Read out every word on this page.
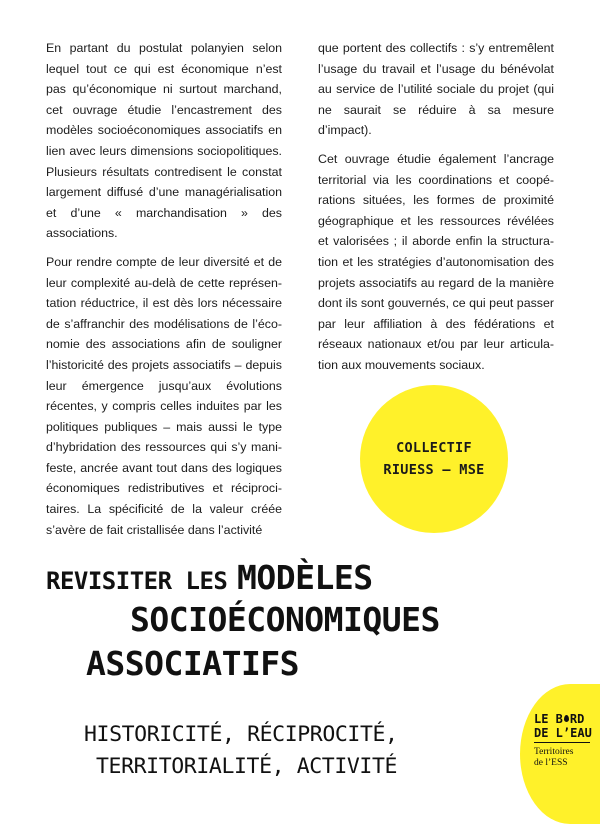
En partant du postulat polanyien selon lequel tout ce qui est économique n’est pas qu’économique ni surtout marchand, cet ouvrage étudie l’encastrement des modèles socioéconomiques associatifs en lien avec leurs dimensions sociopolitiques. Plusieurs résultats contredisent le constat largement diffusé d’une managérialisation et d’une « marchandisation » des associations.

Pour rendre compte de leur diversité et de leur complexité au-delà de cette représentation réductrice, il est dès lors nécessaire de s’affranchir des modélisations de l’économie des associations afin de souligner l’historicité des projets associatifs – depuis leur émergence jusqu’aux évolutions récentes, y compris celles induites par les politiques publiques – mais aussi le type d’hybridation des ressources qui s’y manifeste, ancrée avant tout dans des logiques économiques redistributives et réciprocitaires. La spécificité de la valeur créée s’avère de fait cristallisée dans l’activité

que portent des collectifs : s’y entremêlent l’usage du travail et l’usage du bénévolat au service de l’utilité sociale du projet (qui ne saurait se réduire à sa mesure d’impact).

Cet ouvrage étudie également l’ancrage territorial via les coordinations et coopérations situées, les formes de proximité géographique et les ressources révélées et valorisées ; il aborde enfin la structuration et les stratégies d’autonomisation des projets associatifs au regard de la manière dont ils sont gouvernés, ce qui peut passer par leur affiliation à des fédérations et réseaux nationaux et/ou par leur articulation aux mouvements sociaux.

COLLECTIF
RIUESS – MSE
REVISITER LES MODÈLES
SOCIOÉCONOMIQUES
ASSOCIATIFS
HISTORICITÉ, RÉCIPROCITÉ,
TERRITORIALITÉ, ACTIVITÉ
LE B RD
DE L’EAU
Territoires
de l’ESS
